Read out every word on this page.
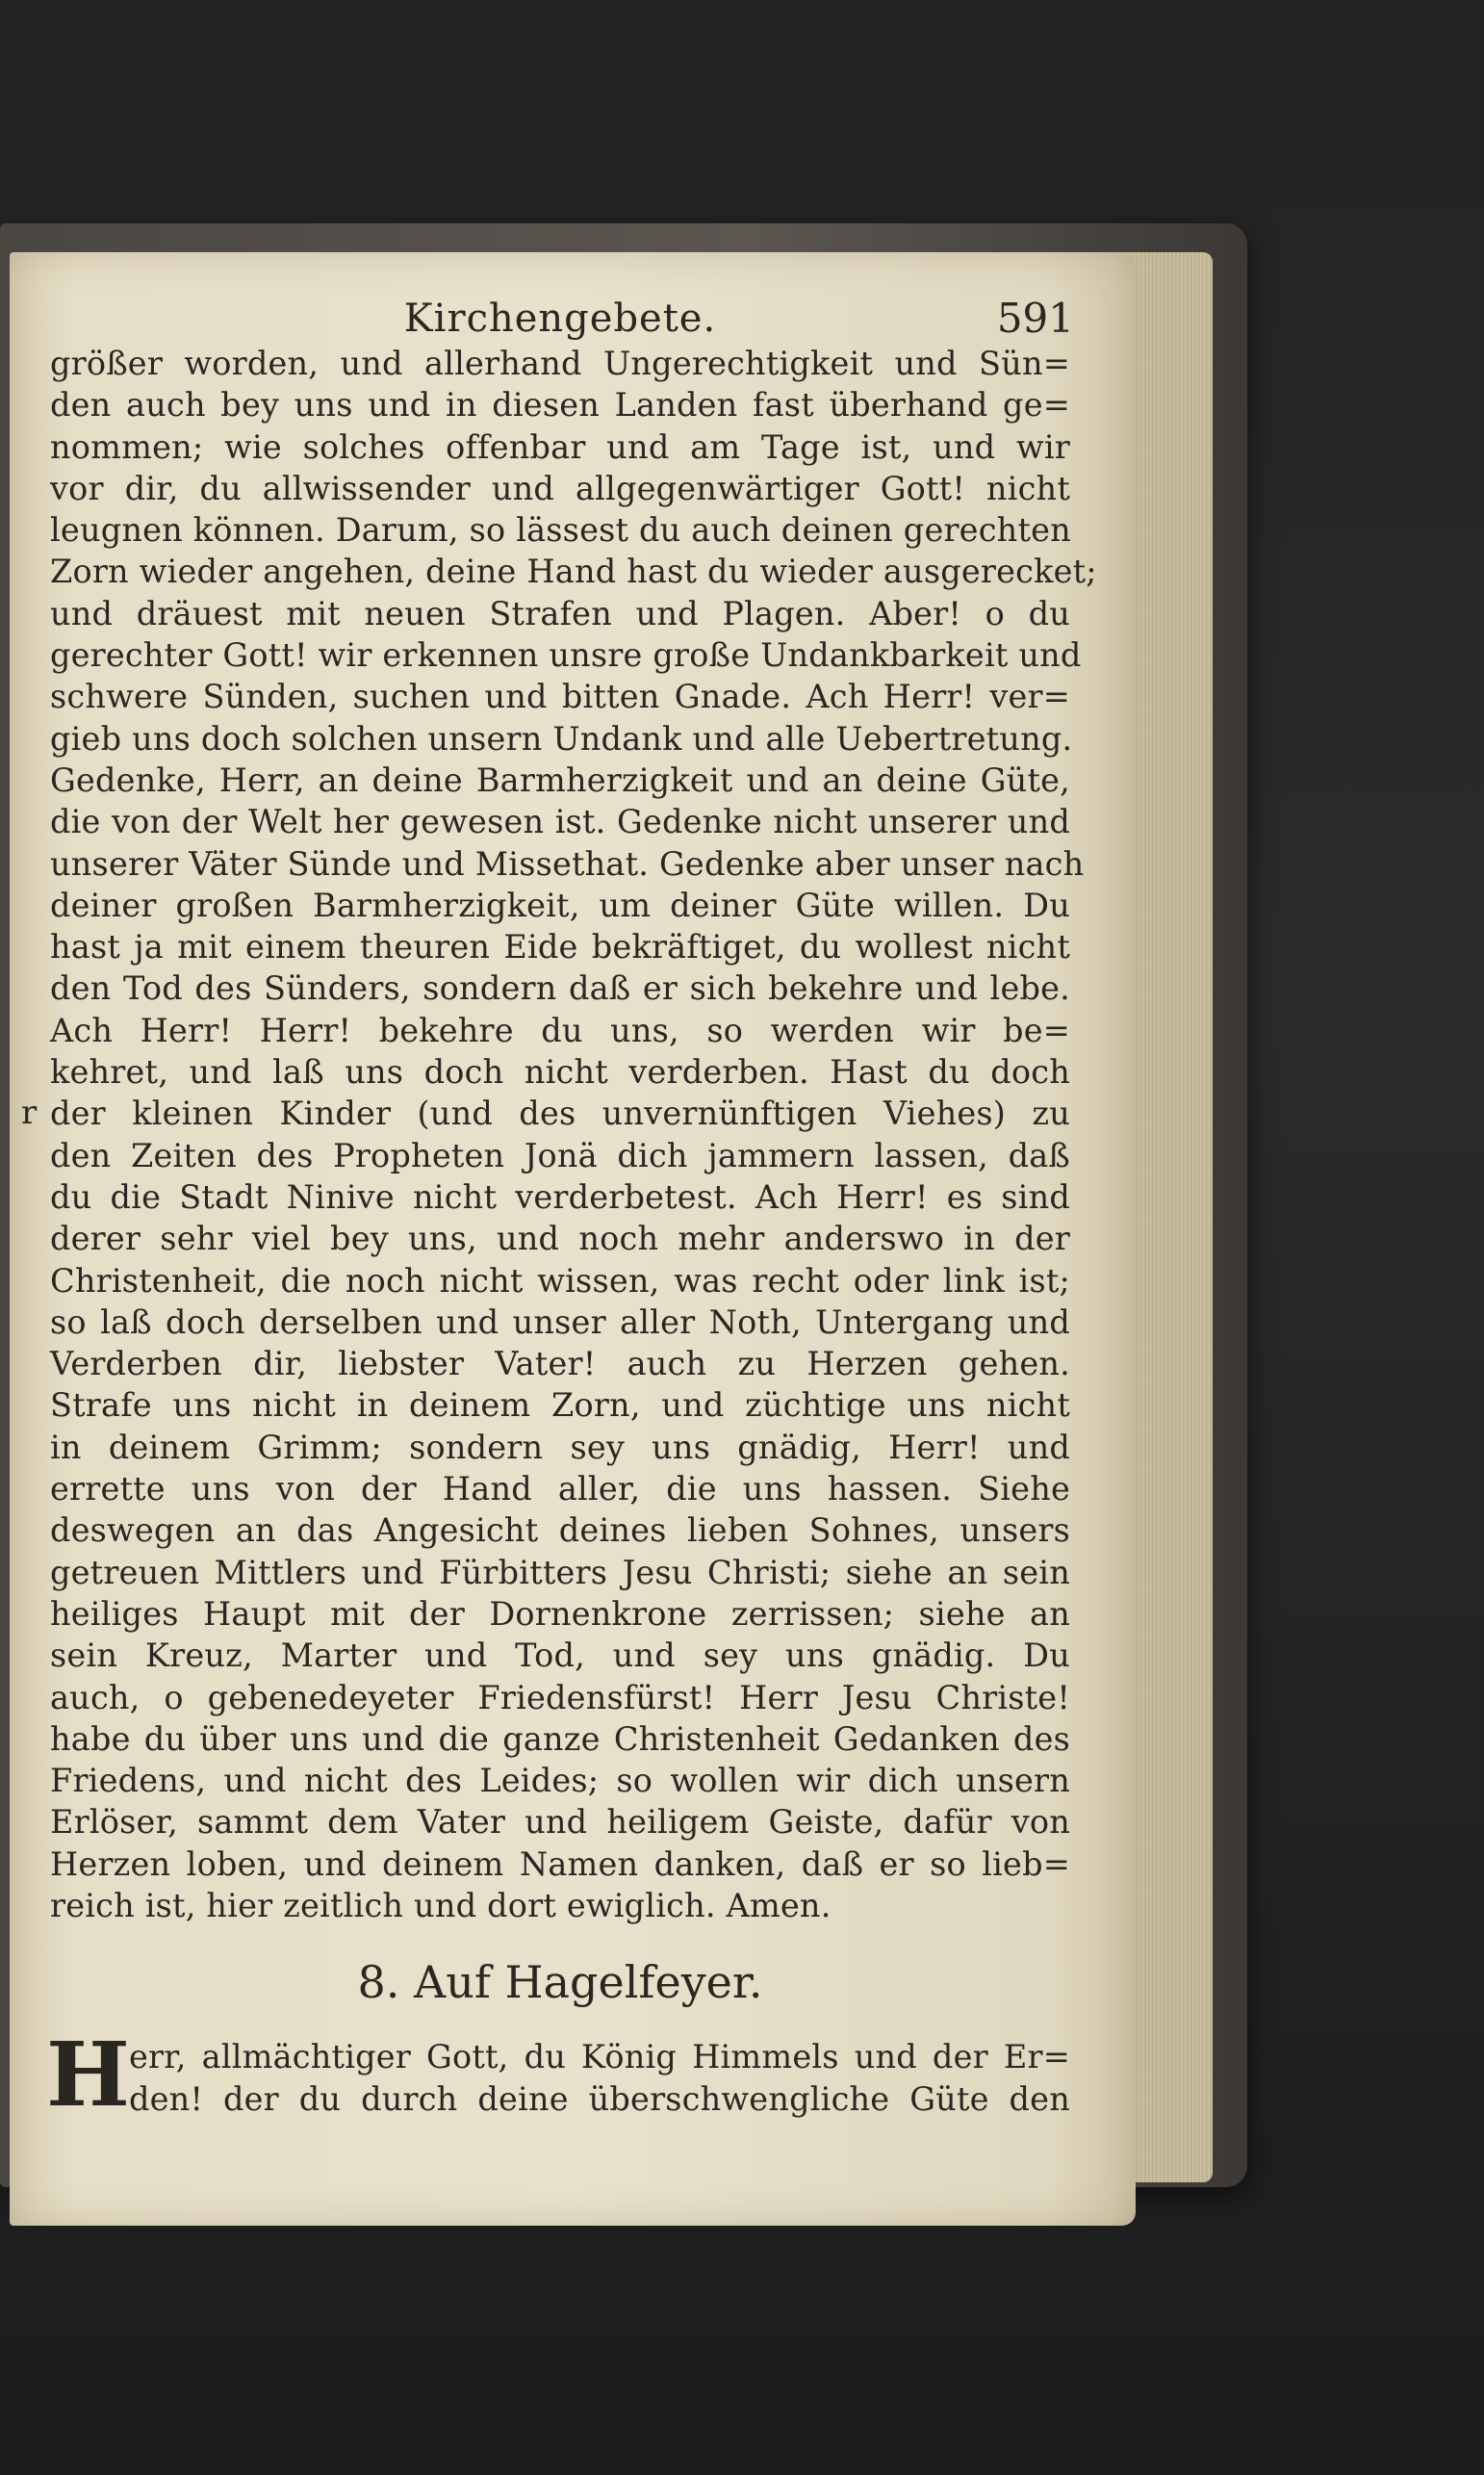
Kirchengebete.	591
größer worden, und allerhand Ungerechtigkeit und Sün=
den auch bey uns und in diesen Landen fast überhand ge=
nommen; wie solches offenbar und am Tage ist, und wir
vor dir, du allwissender und allgegenwärtiger Gott! nicht
leugnen können. Darum, so lässest du auch deinen gerechten
Zorn wieder angehen, deine Hand hast du wieder ausgerecket;
und dräuest mit neuen Strafen und Plagen. Aber! o du
gerechter Gott! wir erkennen unsre große Undankbarkeit und
schwere Sünden, suchen und bitten Gnade. Ach Herr! ver=
gieb uns doch solchen unsern Undank und alle Uebertretung.
Gedenke, Herr, an deine Barmherzigkeit und an deine Güte,
die von der Welt her gewesen ist. Gedenke nicht unserer und
unserer Väter Sünde und Missethat. Gedenke aber unser nach
deiner großen Barmherzigkeit, um deiner Güte willen. Du
hast ja mit einem theuren Eide bekräftiget, du wollest nicht
den Tod des Sünders, sondern daß er sich bekehre und lebe.
Ach Herr! Herr! bekehre du uns, so werden wir be=
kehret, und laß uns doch nicht verderben. Hast du doch
der kleinen Kinder (und des unvernünftigen Viehes) zu
r
den Zeiten des Propheten Jonä dich jammern lassen, daß
du die Stadt Ninive nicht verderbetest. Ach Herr! es sind
derer sehr viel bey uns, und noch mehr anderswo in der
Christenheit, die noch nicht wissen, was recht oder link ist;
so laß doch derselben und unser aller Noth, Untergang und
Verderben dir, liebster Vater! auch zu Herzen gehen.
Strafe uns nicht in deinem Zorn, und züchtige uns nicht
in deinem Grimm; sondern sey uns gnädig, Herr! und
errette uns von der Hand aller, die uns hassen. Siehe
deswegen an das Angesicht deines lieben Sohnes, unsers
getreuen Mittlers und Fürbitters Jesu Christi; siehe an sein
heiliges Haupt mit der Dornenkrone zerrissen; siehe an
sein Kreuz, Marter und Tod, und sey uns gnädig. Du
auch, o gebenedeyeter Friedensfürst! Herr Jesu Christe!
habe du über uns und die ganze Christenheit Gedanken des
Friedens, und nicht des Leides; so wollen wir dich unsern
Erlöser, sammt dem Vater und heiligem Geiste, dafür von
Herzen loben, und deinem Namen danken, daß er so lieb=
reich ist, hier zeitlich und dort ewiglich. Amen.
8. Auf Hagelfeyer.
H err, allmächtiger Gott, du König Himmels und der Er=
den! der du durch deine überschwengliche Güte den
